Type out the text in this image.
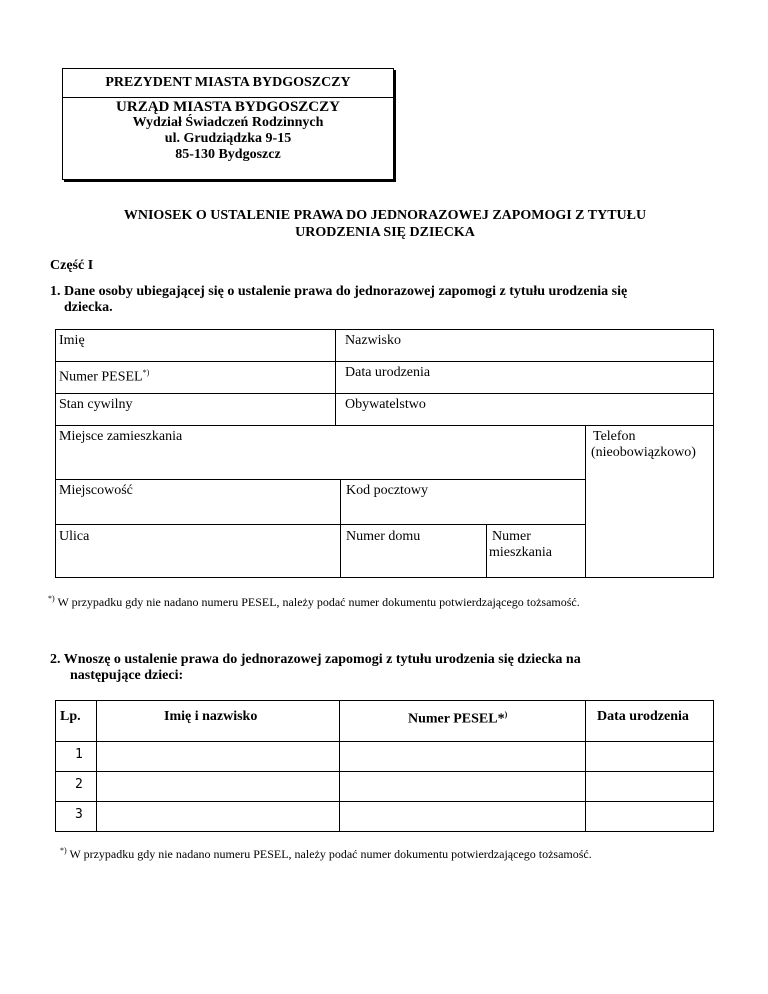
PREZYDENT MIASTA BYDGOSZCZY
URZĄD MIASTA BYDGOSZCZY
Wydział Świadczeń Rodzinnych
ul. Grudziądzka 9-15
85-130 Bydgoszcz
WNIOSEK O USTALENIE PRAWA DO JEDNORAZOWEJ ZAPOMOGI Z TYTUŁU
URODZENIA SIĘ DZIECKA
Część I
1. Dane osoby ubiegającej się o ustalenie prawa do jednorazowej zapomogi z tytułu urodzenia się
dziecka.
Imię	Nazwisko
Numer PESEL*)	Data urodzenia
Stan cywilny	Obywatelstwo
Miejsce zamieszkania	Telefon
(nieobowiązkowo)
Miejscowość	Kod pocztowy
Ulica	Numer domu	Numer
mieszkania
*) W przypadku gdy nie nadano numeru PESEL, należy podać numer dokumentu potwierdzającego tożsamość.
2. Wnoszę o ustalenie prawa do jednorazowej zapomogi z tytułu urodzenia się dziecka na
następujące dzieci:
Lp.	Imię i nazwisko	Numer PESEL*)	Data urodzenia
1
2
3
*) W przypadku gdy nie nadano numeru PESEL, należy podać numer dokumentu potwierdzającego tożsamość.
